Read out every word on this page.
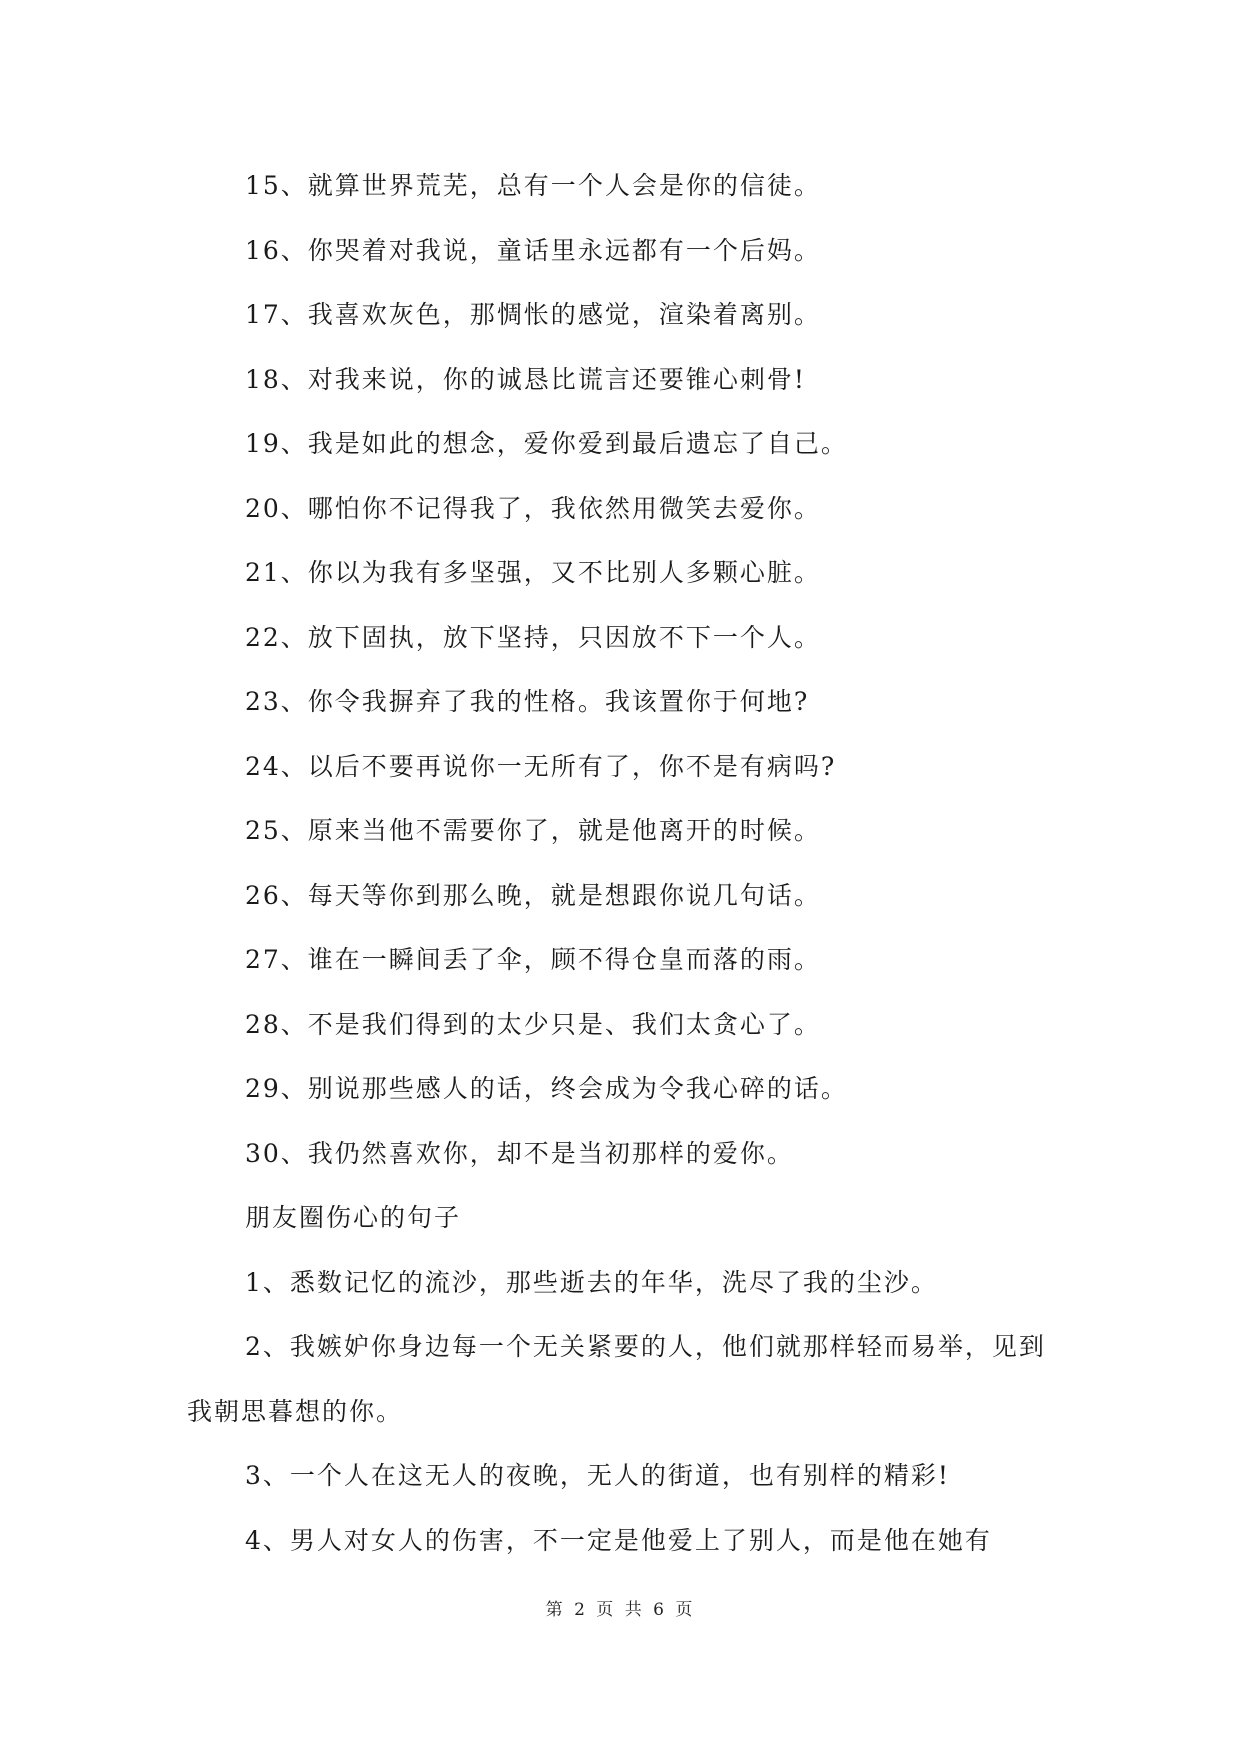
15、就算世界荒芜，总有一个人会是你的信徒。
16、你哭着对我说，童话里永远都有一个后妈。
17、我喜欢灰色，那惆怅的感觉，渲染着离别。
18、对我来说，你的诚恳比谎言还要锥心刺骨!
19、我是如此的想念，爱你爱到最后遗忘了自己。
20、哪怕你不记得我了，我依然用微笑去爱你。
21、你以为我有多坚强，又不比别人多颗心脏。
22、放下固执，放下坚持，只因放不下一个人。
23、你令我摒弃了我的性格。我该置你于何地?
24、以后不要再说你一无所有了，你不是有病吗?
25、原来当他不需要你了，就是他离开的时候。
26、每天等你到那么晚，就是想跟你说几句话。
27、谁在一瞬间丢了伞，顾不得仓皇而落的雨。
28、不是我们得到的太少只是、我们太贪心了。
29、别说那些感人的话，终会成为令我心碎的话。
30、我仍然喜欢你，却不是当初那样的爱你。
朋友圈伤心的句子
1、悉数记忆的流沙，那些逝去的年华，洗尽了我的尘沙。
2、我嫉妒你身边每一个无关紧要的人，他们就那样轻而易举，见到我朝思暮想的你。
3、一个人在这无人的夜晚，无人的街道，也有别样的精彩!
4、男人对女人的伤害，不一定是他爱上了别人，而是他在她有
第 2 页 共 6 页
